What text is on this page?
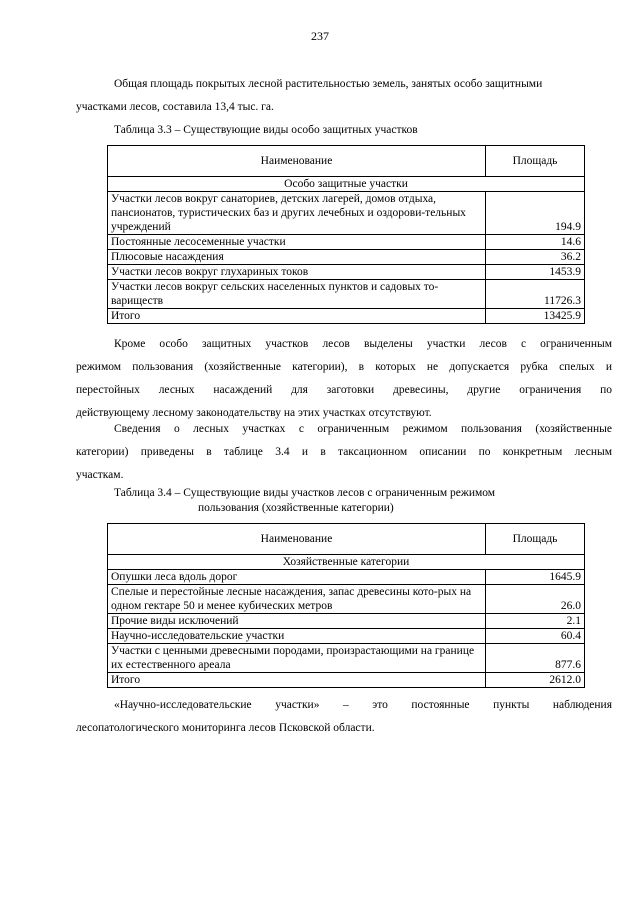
237
Общая площадь покрытых лесной растительностью земель, занятых особо защитными
участками лесов, составила 13,4 тыс. га.
Таблица 3.3 – Существующие виды особо защитных участков
Наименование	Площадь
Особо защитные участки	
Участки лесов вокруг санаториев, детских лагерей, домов отдыха, пансионатов, туристических баз и других лечебных и оздорови-тельных учреждений	194.9
Постоянные лесосеменные участки	14.6
Плюсовые насаждения	36.2
Участки лесов вокруг глухариных токов	1453.9
Участки лесов вокруг сельских населенных пунктов и садовых то-вариществ	11726.3
Итого	13425.9
Кроме особо защитных участков лесов выделены участки лесов с ограниченным
режимом пользования (хозяйственные категории), в которых не допускается рубка спелых и
перестойных лесных насаждений для заготовки древесины, другие ограничения по
действующему лесному законодательству на этих участках отсутствуют.
Сведения о лесных участках с ограниченным режимом пользования (хозяйственные
категории) приведены в таблице 3.4 и в таксационном описании по конкретным лесным
участкам.
Таблица 3.4 – Существующие виды участков лесов с ограниченным режимом
пользования (хозяйственные категории)
Наименование	Площадь
Хозяйственные категории	
Опушки леса вдоль дорог	1645.9
Спелые и перестойные лесные насаждения, запас древесины кото-рых на одном гектаре 50 и менее кубических метров	26.0
Прочие виды исключений	2.1
Научно-исследовательские участки	60.4
Участки с ценными древесными породами, произрастающими на границе их естественного ареала	877.6
Итого	2612.0
«Научно-исследовательские участки» – это постоянные пункты наблюдения
лесопатологического мониторинга лесов Псковской области.
